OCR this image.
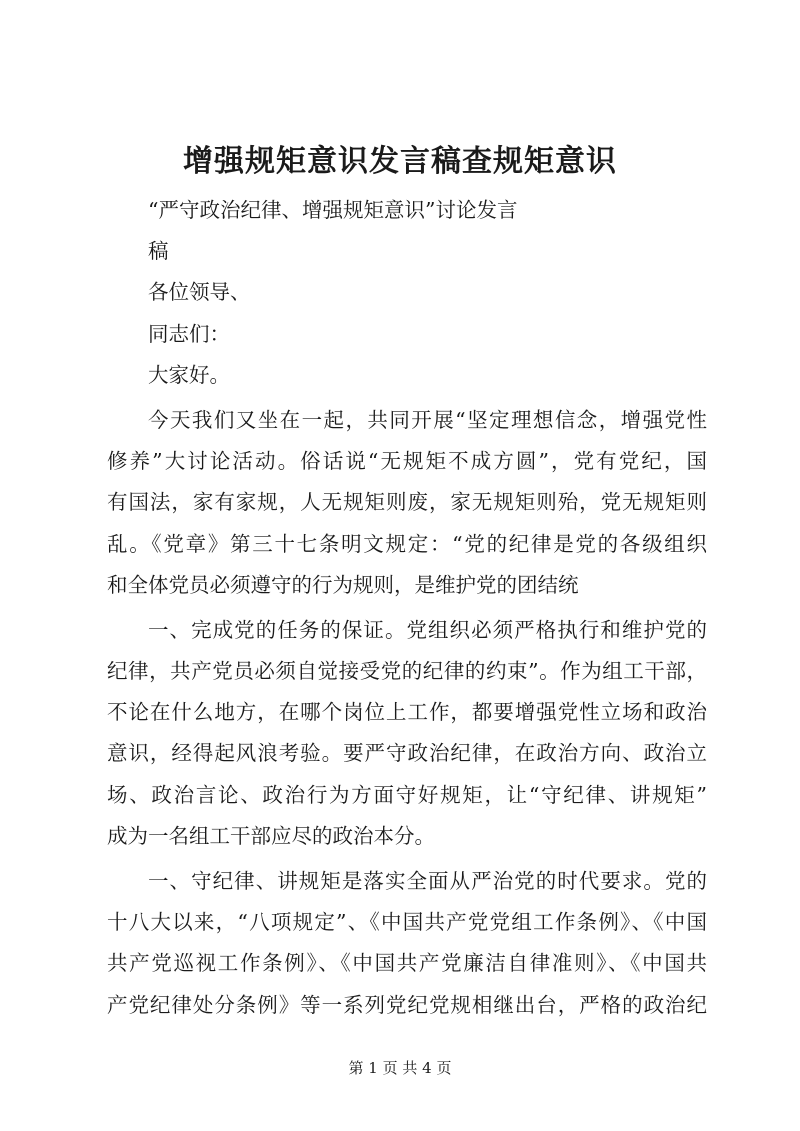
增强规矩意识发言稿查规矩意识
“严守政治纪律、增强规矩意识”讨论发言
稿
各位领导、
同志们：
大家好。
今天我们又坐在一起，共同开展“坚定理想信念，增强党性
修养”大讨论活动。俗话说“无规矩不成方圆”，党有党纪，国
有国法，家有家规，人无规矩则废，家无规矩则殆，党无规矩则
乱。《党章》第三十七条明文规定：“党的纪律是党的各级组织
和全体党员必须遵守的行为规则，是维护党的团结统
一、完成党的任务的保证。党组织必须严格执行和维护党的
纪律，共产党员必须自觉接受党的纪律的约束”。作为组工干部，
不论在什么地方，在哪个岗位上工作，都要增强党性立场和政治
意识，经得起风浪考验。要严守政治纪律，在政治方向、政治立
场、政治言论、政治行为方面守好规矩，让“守纪律、讲规矩”
成为一名组工干部应尽的政治本分。
一、守纪律、讲规矩是落实全面从严治党的时代要求。党的
十八大以来，“八项规定”、《中国共产党党组工作条例》、《中国
共产党巡视工作条例》、《中国共产党廉洁自律准则》、《中国共
产党纪律处分条例》等一系列党纪党规相继出台，严格的政治纪
第 1 页 共 4 页
